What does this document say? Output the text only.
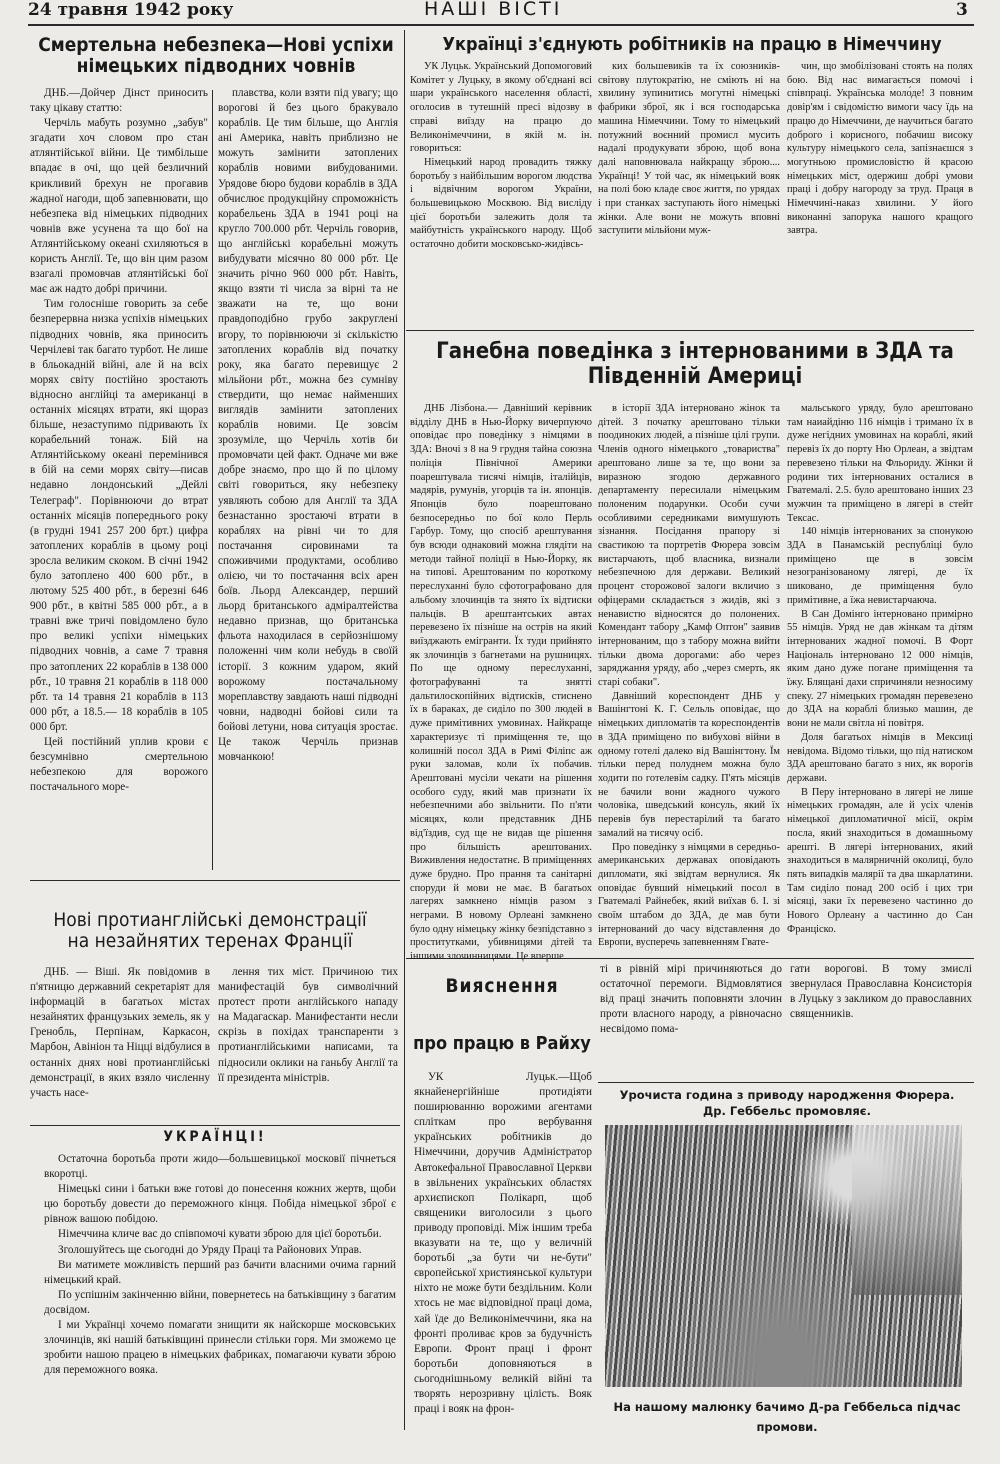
24 травня 1942 року	НАШІ ВІСТІ	3
Смертельна небезпека—Нові успіхи німецьких підводних човнів

ДНБ.—Дойчер Дінст приносить таку цікаву статтю:

Черчіль мабуть розумно „забув" згадати хоч словом про стан атлянтійської війни. Це тимбільше впадає в очі, що цей безличний крикливий брехун не прогавив жадної нагоди, щоб запевнювати, що небезпека від німецьких підводних човнів вже усунена та що бої на Атлянтійському океані схиляються в користь Англії. Те, що він цим разом взагалі промовчав атлянтійські бої має аж надто добрі причини.

Тим голосніше говорить за себе безперервна низка успіхів німецьких підводних човнів, яка приносить Черчілеві так багато турбот. Не лише в бльокадній війні, але й на всіх морях світу постійно зростають відносно англійці та американці в останніх місяцях втрати, які щораз більше, незаступимо підривають їх корабельний тонаж. Бій на Атлянтійському океані перемінився в бій на семи морях світу—писав недавно лондонський „Дейлі Телеграф". Порівнюючи до втрат останніх місяців попереднього року (в грудні 1941 257 200 брт.) цифра затоплених кораблів в цьому році зросла великим скоком. В січні 1942 було затоплено 400 600 рбт., в лютому 525 400 рбт., в березні 646 900 рбт., в квітні 585 000 рбт., а в травні вже тричі повідомлено було про великі успіхи німецьких підводних човнів, а саме 7 травня про затоплених 22 кораблів в 138 000 рбт., 10 травня 21 кораблів в 118 000 рбт. та 14 травня 21 кораблів в 113 000 рбт, а 18.5.— 18 кораблів в 105 000 брт.

Цей постійний уплив крови є безсумнівно смертельною небезпекою для ворожого постачального море-

плавства, коли взяти під увагу; що ворогові й без цього бракувало кораблів. Це тим більше, що Англія ані Америка, навіть приблизно не можуть замінити затоплених кораблів новими вибудованими. Урядове бюро будови кораблів в ЗДА обчислює продукційну спроможність корабельень ЗДА в 1941 році на круглo 700.000 рбт. Черчіль говорив, що англійські корабельні можуть вибудувати місячно 80 000 рбт. Це значить річно 960 000 рбт. Навіть, якщо взяти ті числа за вірні та не зважати на те, що вони правдоподібно грубо закруглені вгору, то порівнюючи зі скількістю затоплених кораблів від початку року, яка багато перевищує 2 мільйони рбт., можна без сумніву ствердити, що немає найменших виглядів замінити затоплених кораблів новими. Це зовсім зрозуміле, що Черчіль хотів би промовчати цей факт. Одначе ми вже добре знаємо, про що й по цілому світі говориться, яку небезпеку уявляють собою для Англії та ЗДА безнастанно зростаючі втрати в кораблях на рівні чи то для постачання сировинами та споживчими продуктами, особливо олією, чи то постачання всіх арен боїв. Льорд Александер, перший льорд британського адміралтейства недавно признав, що британська фльота находилася в серйознішому положенні чим коли небудь в своїй історії. З кожним ударом, який ворожому постачальному мореплавству завдають наші підводні човни, надводні бойові сили та бойові летуни, нова ситуація зростає. Це також Черчіль признав мовчанкою!

Українці з'єднують робітників на працю в Німеччину

УК Луцьк. Український Допомоговий Комітет у Луцьку, в якому об'єднані всі шари українського населення області, оголосив в тутешній пресі відозву в справі виїзду на працю до Великонімеччини, в якій м. ін. говориться:

Німецький народ провадить тяжку боротьбу з найбільшим ворогом людства і відвічним ворогом України, большевицькою Москвою. Від вислідy цієї боротьби залежить доля та майбутність українського народу. Щоб остаточно добити московсько-жидівсь-

ких большевиків та їх союзників-світову плутократію, не сміють ні на хвилину зупинитись могутні німецькі фабрики зброї, як і вся господарська машина Німеччини. Тому то німецький пoтyжний воєнний промисл мусить надалі продукувати зброю, щоб вона далі наповнювала найкращу зброю.... Українці! У той час, як німецький вояк на полі бою кладе своє життя, по урядах і при станках заступають його німецькі жінки. Але вони не можуть вповні заступити мільйони муж-

чин, що змобілізовані стоять на полях бою. Від нас вимагається помочі і співпраці. Українська моло́де! З повним довір'ям і свідомістю вимоги часу їдь на працю до Німеччини, де научиться багато доброго і корисного, побачиш високу культуру німецького села, запізнаєшся з могутньою промисловістю й красою німецьких міст, одержиш добрі умови праці і добру нагороду за труд. Праця в Німеччині-наказ хвилини. У його виконанні запорука нашого кращого завтра.

Ганебна поведінка з інтернованими в ЗДА та Південній Америці

ДНБ Лізбона.— Давніший керівник відділу ДНБ в Нью-Йорку вичерпуючо оповідає про поведінку з німцями в ЗДА: Вночі з 8 на 9 грудня тайна союзна поліція Північної Америки поарештувала тисячі німців, італійців, мадярів, румунів, угорців та ін. японців. Японців було поарештовано безпосередньо по бої коло Перль Гарбур. Тому, що спосіб арештування був всюди однаковий можна глядіти на методи тайної поліції в Нью-Йорку, як на типові. Арештованим по короткому переслуханні було сфотографовано для альбому злочинців та знято їх відтиски пальців. В арештантських автах перевезено їх пізніше на острів на який виїзджають емігранти. Їх туди прийнято як злочинців з багнетами на рушницях. По ще одному переслуханні, фотографуванні та знятті дальтилоскопійних відтисків, стиснено їх в бараках, де сиділо по 300 людей в дуже примітивних умовинах. Найкраще характеризує ті приміщення те, що колишній посол ЗДА в Римі Філіпс аж руки заломав, коли їх побачив. Арештовані мусіли чекати на рішення особого суду, який мав признати їх небезпечними або звільнити. По п'яти місяцях, коли представник ДНБ від'їздив, суд ще не видав ще рішення про більшість арештованих. Виживлення недостатнє. В приміщеннях дуже брудно. Про прання та санітарні споруди й мови не має. В багатьох лагерях замкнено німців разом з неграми. В новому Орлеані замкнено було одну німецьку жінку безпідставно з проститутками, убивницями дітей та іншими злочинницями. Це вперше

в історії ЗДА інтерновано жінок та дітей. З початку арештовано тільки поодиноких людей, а пізніше цілі групи. Членів одного німецького „товариства" арештовано лише за те, що вони за виразною згодою державного департаменту пересилали німецьким полоненим подарунки. Особи сучи особливими середниками вимушують зізнання. Посідання прапору зі свастикою та портретів Фюрера зовсім вистарчають, щоб власника, визнали небезпечною для держави. Великий процент сторожової залоги вкличио з офіцерами складається з жидів, які з ненавистю відносятся до полонених. Комендант табору „Камф Оптон" заявив інтернованим, що з табору можна вийти тільки двома дорогами: або через заряджання уряду, або „через смерть, як старі собаки".

Давніший кореспондент ДНБ у Вашінгтоні К. Г. Сельль оповідає, що німецьких дипломатів та кореспондентів в ЗДА приміщено по вибухові війни в одному готелі далеко від Вашінгтону. Їм тільки перед полуднем можна було ходити по готелевім садку. П'ять місяців не бачили вони жадного чужого чоловіка, шведський консуль, який їх перевів був перестарілий та багато замалий на тисячу осіб.

Про поведінку з німцями в середньо-американських державах оповідають дипломати, які звідтам вернулися. Як оповідає бувший німецький посол в Гватемалі Райнебек, який виїхав 6. I. зі своїм штабом до ЗДА, де мав бути інтернований до часу відставлення до Европи, вусперечь запевненням Гвате-

мальського уряду, було арештовано там наиайдіню 116 німців і тримано їх в дуже негідних умовинах на кораблі, який перевіз їх до порту Ню Орлеан, а звідтам перевезено тільки на Фльориду. Жінки й родини тих інтернованих осталися в Гватемалі. 2.5. було арештовано інших 23 мужчин та приміщено в лягері в стейт Тексас.

140 німців інтернованих за спонукою ЗДА в Панамській республіці було приміщено ще в зовсім незогранізованому лягері, де їх шиковано, де приміщення було примітивне, а їжа невистарчаюча.

В Сан Домінго інтерновано примірно 55 німців. Уряд не дав жінкам та дітям інтернованих жадної помочі. В Форт Національ інтерновано 12 000 німців, яким дано дуже погане приміщення та їжу. Блящані дахи спричиняли незносиму спеку. 27 німецьких громадян перевезено до ЗДА на кораблі близько машин, де вони не мали світла ні повітря.

Доля багатьох німців в Мексиці невідома. Відомо тільки, що під натиском ЗДА арештовано багато з них, як ворогів держави.

В Перу інтерновано в лягері не лише німецьких громадян, але й усіх членів німецької дипломатичної місії, окрім посла, який знаходиться в домашньому арешті. В лягері інтернованих, який знаходиться в малярничній околиці, було пять випадків малярії та два шкарлатини. Там сидiло понад 200 осіб і цих три місяці, заки їх перевезено частинно до Нового Орлеану а частинно до Сан Франціско.

Нові протианглійські демонстрації на незайнятих теренах Франції

ДНБ. — Віші. Як повідомив в п'ятницю державний секретаріят для інформацій в багатьох містах незайнятих французьких земель, як у Гренобль, Перпінам, Каркасон, Марбон, Авініон та Ніцці відбулися в останніх днях нові протианглійські демонстрації, в яких взяло численну участь насе-

лення тих міст. Причиною тих манифестацій був символічний протест проти англійського нападу на Мадагаскар. Манифестанти несли скрізь в похідах транспаренти з протианглійськими написами, та підносили оклики на ганьбу Англії та її президента міністрів.

УКРАЇНЦІ!

Остаточна боротьба проти жидо—большевицької московії пічнеться вкоротці.

Німецькі сини і батьки вже готові до понесення кожних жертв, щоби цю боротьбу довести до переможного кінця. Побіда німецької зброї є рівнож вашою побідою.

Німеччина кличе вас до співпомочі кувати зброю для цієї боротьби.

Зголошуйтесь ще сьогодні до Уряду Праці та Районових Управ.

Ви матимете можливість перший раз бачити власними очима гарний німецький край.

По успішнім закінченню війни, повернетесь на батьківщину з багатим досвідом.

І ми Українці хочемо помагати знищити як найскорше московських злочинців, які нашій батьківщині принесли стільки горя. Ми зможемо це зробити нашою працею в німецьких фабриках, помагаючи кувати зброю для переможного вояка.

Вияснення
про працю в Райху

УК Луцьк.—Щоб якнайенергійніше протидіяти поширюванню ворожими агентами спліткам про вербування українських робітників до Німеччини, доручив Адміністратор Автокефальної Православної Церкви в звільнених українських областях архиєпископ Полікарп, щоб священики виголосили з цього приводу проповіді. Між іншим треба вказувати на те, що у величній боротьбі „за бути чи не-бути" європейської християнської культури ніхто не може бути бездільним. Коли хтось не має відповідної праці дома, хай їде до Великонімеччини, яка на фронті проливає кров за будучність Европи. Фронт праці і фронт боротьби доповняються в сьогоднішньому великій війні та творять нерозривну цілість. Вояк праці і вояк на фрон-

ті в рівній мірі причиняються до остаточної перемоги. Відмовлятися від праці значить поповняти злочин проти власного народу, а рівночасно несвідомо пома-

гати ворогові. В тому змислі звернулася Православна Консисторія в Луцьку з закликом до православних священників.

Урочиста година з приводу народження Фюрера.
Др. Геббельс промовляє.
На нашому малюнку бачимо Д-ра Геббельса підчас
промови.
